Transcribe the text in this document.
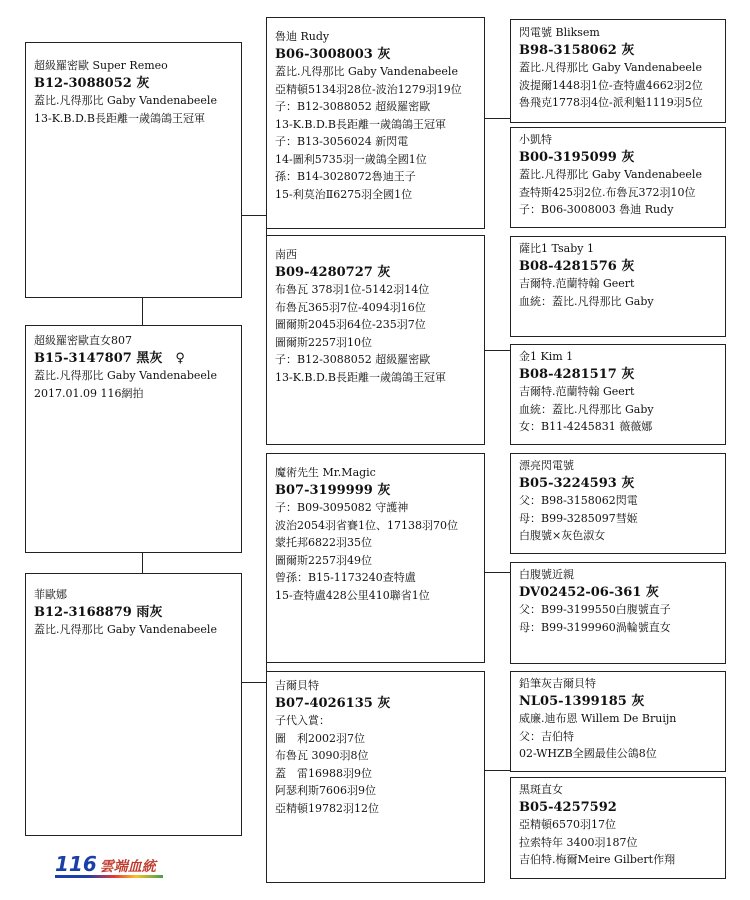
超級羅密歐 Super Remeo
B12-3088052 灰
蓋比.凡得那比 Gaby Vandenabeele
13-K.B.D.B長距離一歲鴿鴿王冠軍
超級羅密歐直女807
B15-3147807 黑灰　♀
蓋比.凡得那比 Gaby Vandenabeele
2017.01.09 116網拍
菲歐娜
B12-3168879 雨灰
蓋比.凡得那比 Gaby Vandenabeele
魯迪 Rudy
B06-3008003 灰
蓋比.凡得那比 Gaby Vandenabeele
亞精頓5134羽28位-波治1279羽19位
子：B12-3088052 超級羅密歐
13-K.B.D.B長距離一歲鴿鴿王冠軍
子：B13-3056024 新閃電
14-圖利5735羽一歲鴿全國1位
孫：B14-3028072魯迪王子
15-利莫治Ⅱ6275羽全國1位
南西
B09-4280727 灰
布魯瓦 378羽1位-5142羽14位
布魯瓦365羽7位-4094羽16位
圖爾斯2045羽64位-235羽7位
圖爾斯2257羽10位
子：B12-3088052 超級羅密歐
13-K.B.D.B長距離一歲鴿鴿王冠軍
魔術先生 Mr.Magic
B07-3199999 灰
子：B09-3095082 守護神
波治2054羽省賽1位、17138羽70位
蒙托邦6822羽35位
圖爾斯2257羽49位
曾孫：B15-1173240查特盧
15-查特盧428公里410聯省1位
吉爾貝特
B07-4026135 灰
子代入賞：
圖　利2002羽7位
布魯瓦 3090羽8位
蓋　雷16988羽9位
阿瑟利斯7606羽9位
亞精頓19782羽12位
閃電號 Bliksem
B98-3158062 灰
蓋比.凡得那比 Gaby Vandenabeele
波提爾1448羽1位-查特盧4662羽2位
魯飛克1778羽4位-派利魁1119羽5位
小凱特
B00-3195099 灰
蓋比.凡得那比 Gaby Vandenabeele
查特斯425羽2位.布魯瓦372羽10位
子：B06-3008003 魯迪 Rudy
薩比1 Tsaby 1
B08-4281576 灰
吉爾特.范蘭特翰 Geert
血統：蓋比.凡得那比 Gaby
金1 Kim 1
B08-4281517 灰
吉爾特.范蘭特翰 Geert
血統：蓋比.凡得那比 Gaby
女：B11-4245831 薇薇娜
漂亮閃電號
B05-3224593 灰
父：B98-3158062閃電
母：B99-3285097彗姬
白腹號×灰色淑女
白腹號近親
DV02452-06-361 灰
父：B99-3199550白腹號直子
母：B99-3199960渦輪號直女
鉛筆灰吉爾貝特
NL05-1399185 灰
威廉.迪布恩 Willem De Bruijn
父：吉伯特
02-WHZB全國最佳公鴿8位
黑斑直女
B05-4257592
亞精頓6570羽17位
拉索特年 3400羽187位
吉伯特.梅爾Meire Gilbert作翔
116 雲端血統
